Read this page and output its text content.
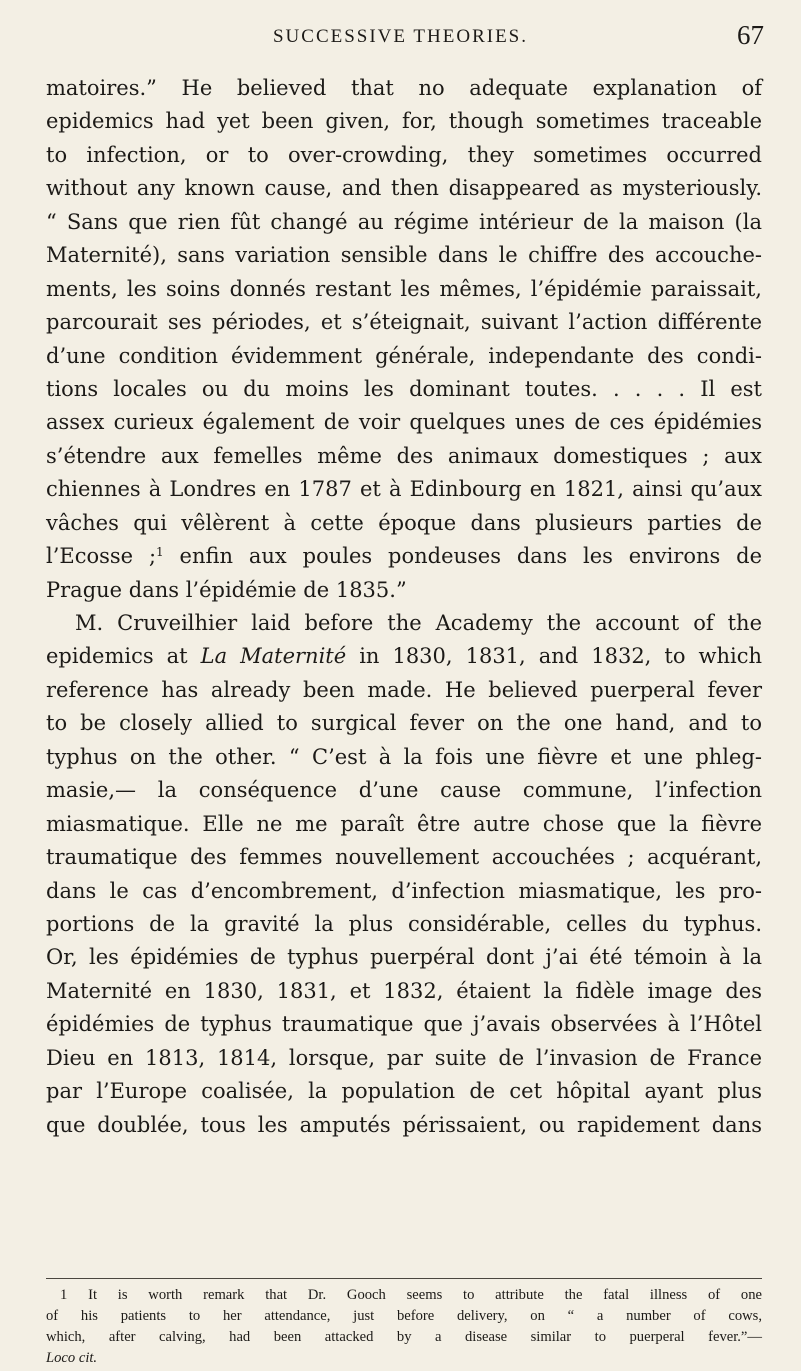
SUCCESSIVE THEORIES.	67
matoires.” He believed that no adequate explanation of
epidemics had yet been given, for, though sometimes traceable
to infection, or to over-crowding, they sometimes occurred
without any known cause, and then disappeared as mysteriously.
“ Sans que rien fût changé au régime intérieur de la maison (la
Maternité), sans variation sensible dans le chiffre des accouche-
ments, les soins donnés restant les mêmes, l’épidémie paraissait,
parcourait ses périodes, et s’éteignait, suivant l’action différente
d’une condition évidemment générale, independante des condi-
tions locales ou du moins les dominant toutes. . . . . Il est
assex curieux également de voir quelques unes de ces épidémies
s’étendre aux femelles même des animaux domestiques ; aux
chiennes à Londres en 1787 et à Edinbourg en 1821, ainsi qu’aux
vâches qui vêlèrent à cette époque dans plusieurs parties de
l’Ecosse ;$^1$ enfin aux poules pondeuses dans les environs de
Prague dans l’épidémie de 1835.”
M. Cruveilhier laid before the Academy the account of the
epidemics at La Maternité in 1830, 1831, and 1832, to which
reference has already been made. He believed puerperal fever
to be closely allied to surgical fever on the one hand, and to
typhus on the other. “ C’est à la fois une fièvre et une phleg-
masie,— la conséquence d’une cause commune, l’infection
miasmatique. Elle ne me paraît être autre chose que la fièvre
traumatique des femmes nouvellement accouchées ; acquérant,
dans le cas d’encombrement, d’infection miasmatique, les pro-
portions de la gravité la plus considérable, celles du typhus.
Or, les épidémies de typhus puerpéral dont j’ai été témoin à la
Maternité en 1830, 1831, et 1832, étaient la fidèle image des
épidémies de typhus traumatique que j’avais observées à l’Hôtel
Dieu en 1813, 1814, lorsque, par suite de l’invasion de France
par l’Europe coalisée, la population de cet hôpital ayant plus
que doublée, tous les amputés périssaient, ou rapidement dans
1 It is worth remark that Dr. Gooch seems to attribute the fatal illness of one
of his patients to her attendance, just before delivery, on “ a number of cows,
which, after calving, had been attacked by a disease similar to puerperal fever.”—
Loco cit.
